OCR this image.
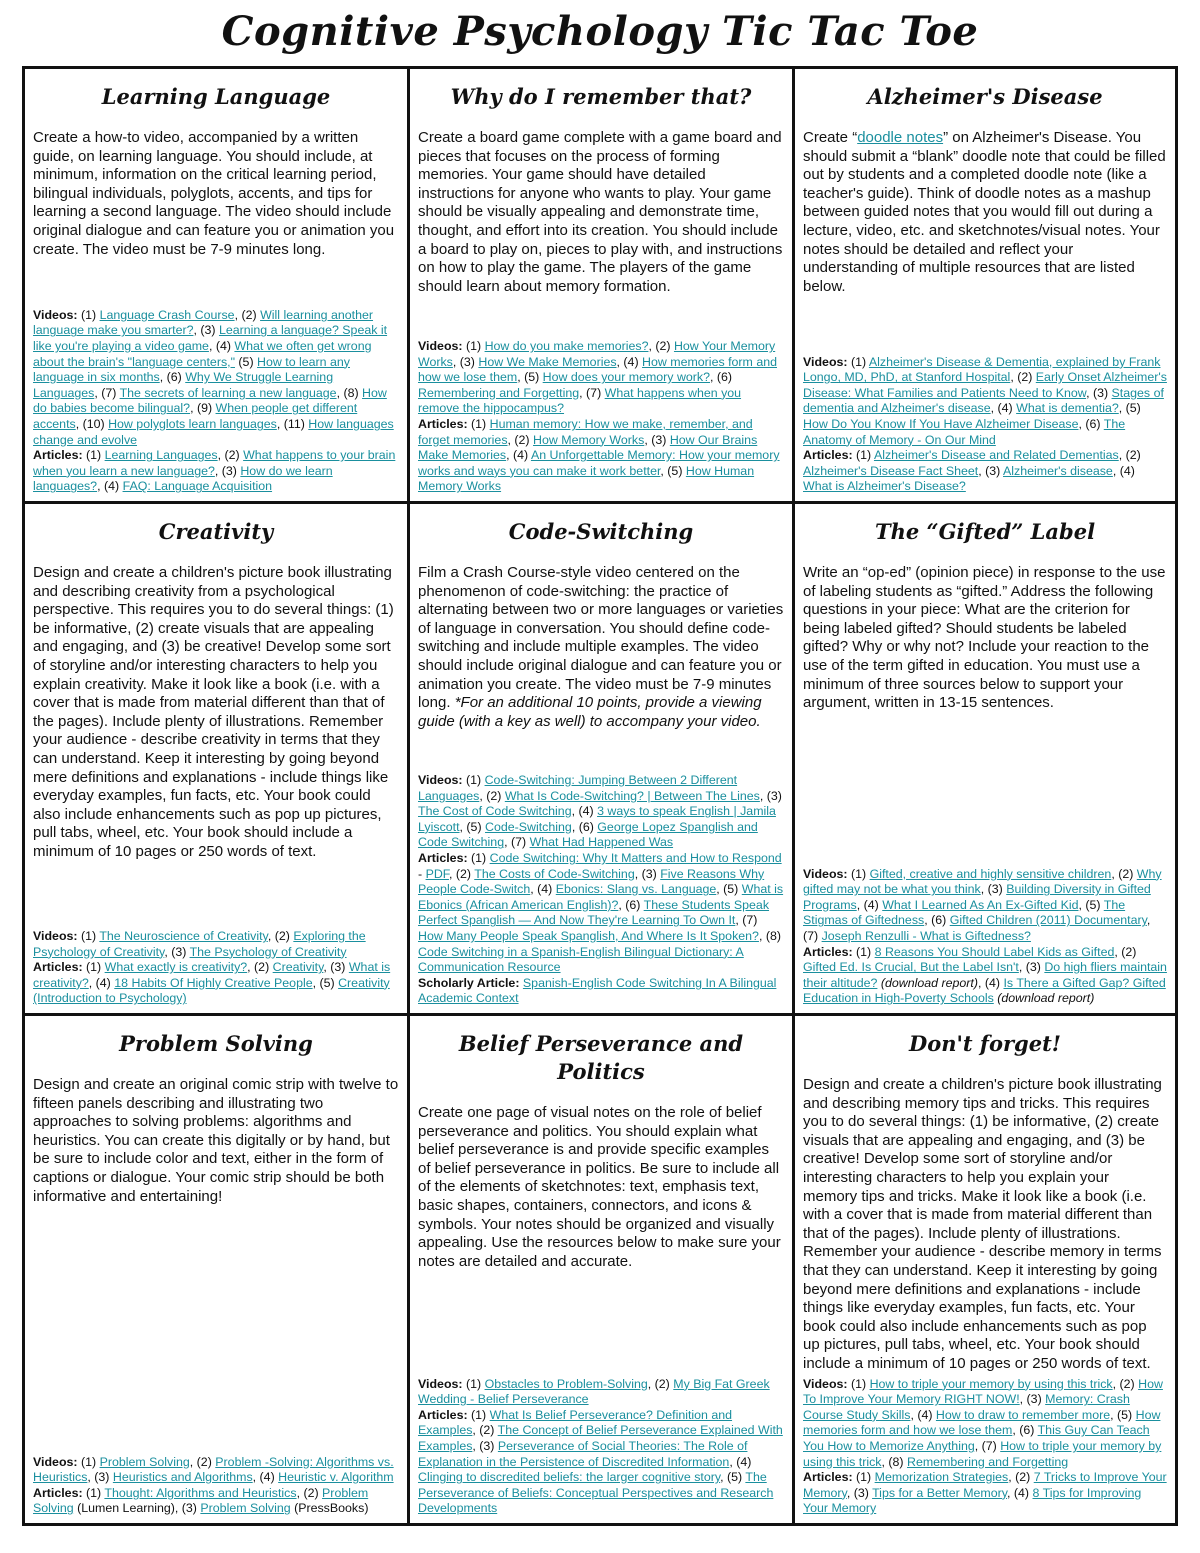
Cognitive Psychology Tic Tac Toe
Learning Language

Create a how-to video, accompanied by a written guide, on learning language. You should include, at minimum, information on the critical learning period, bilingual individuals, polyglots, accents, and tips for learning a second language. The video should include original dialogue and can feature you or animation you create. The video must be 7-9 minutes long.

Videos: (1) Language Crash Course, (2) Will learning another language make you smarter?, (3) Learning a language? Speak it like you're playing a video game, (4) What we often get wrong about the brain's "language centers," (5) How to learn any language in six months, (6) Why We Struggle Learning Languages, (7) The secrets of learning a new language, (8) How do babies become bilingual?, (9) When people get different accents, (10) How polyglots learn languages, (11) How languages change and evolve

Articles: (1) Learning Languages, (2) What happens to your brain when you learn a new language?, (3) How do we learn languages?, (4) FAQ: Language Acquisition

Why do I remember that?

Create a board game complete with a game board and pieces that focuses on the process of forming memories. Your game should have detailed instructions for anyone who wants to play. Your game should be visually appealing and demonstrate time, thought, and effort into its creation. You should include a board to play on, pieces to play with, and instructions on how to play the game. The players of the game should learn about memory formation.

Videos: (1) How do you make memories?, (2) How Your Memory Works, (3) How We Make Memories, (4) How memories form and how we lose them, (5) How does your memory work?, (6) Remembering and Forgetting, (7) What happens when you remove the hippocampus?

Articles: (1) Human memory: How we make, remember, and forget memories, (2) How Memory Works, (3) How Our Brains Make Memories, (4) An Unforgettable Memory: How your memory works and ways you can make it work better, (5) How Human Memory Works

Alzheimer's Disease

Create “doodle notes” on Alzheimer's Disease. You should submit a “blank” doodle note that could be filled out by students and a completed doodle note (like a teacher's guide). Think of doodle notes as a mashup between guided notes that you would fill out during a lecture, video, etc. and sketchnotes/visual notes. Your notes should be detailed and reflect your understanding of multiple resources that are listed below.

Videos: (1) Alzheimer's Disease & Dementia, explained by Frank Longo, MD, PhD, at Stanford Hospital, (2) Early Onset Alzheimer's Disease: What Families and Patients Need to Know, (3) Stages of dementia and Alzheimer's disease, (4) What is dementia?, (5) How Do You Know If You Have Alzheimer Disease, (6) The Anatomy of Memory - On Our Mind

Articles: (1) Alzheimer's Disease and Related Dementias, (2) Alzheimer's Disease Fact Sheet, (3) Alzheimer's disease, (4) What is Alzheimer's Disease?

Creativity

Design and create a children's picture book illustrating and describing creativity from a psychological perspective. This requires you to do several things: (1) be informative, (2) create visuals that are appealing and engaging, and (3) be creative! Develop some sort of storyline and/or interesting characters to help you explain creativity. Make it look like a book (i.e. with a cover that is made from material different than that of the pages). Include plenty of illustrations. Remember your audience - describe creativity in terms that they can understand. Keep it interesting by going beyond mere definitions and explanations - include things like everyday examples, fun facts, etc. Your book could also include enhancements such as pop up pictures, pull tabs, wheel, etc. Your book should include a minimum of 10 pages or 250 words of text.

Videos: (1) The Neuroscience of Creativity, (2) Exploring the Psychology of Creativity, (3) The Psychology of Creativity

Articles: (1) What exactly is creativity?, (2) Creativity, (3) What is creativity?, (4) 18 Habits Of Highly Creative People, (5) Creativity (Introduction to Psychology)

Code-Switching

Film a Crash Course-style video centered on the phenomenon of code-switching: the practice of alternating between two or more languages or varieties of language in conversation. You should define code-switching and include multiple examples. The video should include original dialogue and can feature you or animation you create. The video must be 7-9 minutes long. *For an additional 10 points, provide a viewing guide (with a key as well) to accompany your video.

Videos: (1) Code-Switching: Jumping Between 2 Different Languages, (2) What Is Code-Switching? | Between The Lines, (3) The Cost of Code Switching, (4) 3 ways to speak English | Jamila Lyiscott, (5) Code-Switching, (6) George Lopez Spanglish and Code Switching, (7) What Had Happened Was

Articles: (1) Code Switching: Why It Matters and How to Respond - PDF, (2) The Costs of Code-Switching, (3) Five Reasons Why People Code-Switch, (4) Ebonics: Slang vs. Language, (5) What is Ebonics (African American English)?, (6) These Students Speak Perfect Spanglish — And Now They're Learning To Own It, (7) How Many People Speak Spanglish, And Where Is It Spoken?, (8) Code Switching in a Spanish-English Bilingual Dictionary: A Communication Resource

Scholarly Article: Spanish-English Code Switching In A Bilingual Academic Context

The “Gifted” Label

Write an “op-ed” (opinion piece) in response to the use of labeling students as “gifted.” Address the following questions in your piece: What are the criterion for being labeled gifted? Should students be labeled gifted? Why or why not? Include your reaction to the use of the term gifted in education. You must use a minimum of three sources below to support your argument, written in 13-15 sentences.

Videos: (1) Gifted, creative and highly sensitive children, (2) Why gifted may not be what you think, (3) Building Diversity in Gifted Programs, (4) What I Learned As An Ex-Gifted Kid, (5) The Stigmas of Giftedness, (6) Gifted Children (2011) Documentary, (7) Joseph Renzulli - What is Giftedness?

Articles: (1) 8 Reasons You Should Label Kids as Gifted, (2) Gifted Ed. Is Crucial, But the Label Isn't, (3) Do high fliers maintain their altitude? (download report), (4) Is There a Gifted Gap? Gifted Education in High-Poverty Schools (download report)

Problem Solving

Design and create an original comic strip with twelve to fifteen panels describing and illustrating two approaches to solving problems: algorithms and heuristics. You can create this digitally or by hand, but be sure to include color and text, either in the form of captions or dialogue. Your comic strip should be both informative and entertaining!

Videos: (1) Problem Solving, (2) Problem -Solving: Algorithms vs. Heuristics, (3) Heuristics and Algorithms, (4) Heuristic v. Algorithm

Articles: (1) Thought: Algorithms and Heuristics, (2) Problem Solving (Lumen Learning), (3) Problem Solving (PressBooks)

Belief Perseverance and Politics

Create one page of visual notes on the role of belief perseverance and politics. You should explain what belief perseverance is and provide specific examples of belief perseverance in politics. Be sure to include all of the elements of sketchnotes: text, emphasis text, basic shapes, containers, connectors, and icons & symbols. Your notes should be organized and visually appealing. Use the resources below to make sure your notes are detailed and accurate.

Videos: (1) Obstacles to Problem-Solving, (2) My Big Fat Greek Wedding - Belief Perseverance

Articles: (1) What Is Belief Perseverance? Definition and Examples, (2) The Concept of Belief Perseverance Explained With Examples, (3) Perseverance of Social Theories: The Role of Explanation in the Persistence of Discredited Information, (4) Clinging to discredited beliefs: the larger cognitive story, (5) The Perseverance of Beliefs: Conceptual Perspectives and Research Developments

Don't forget!

Design and create a children's picture book illustrating and describing memory tips and tricks. This requires you to do several things: (1) be informative, (2) create visuals that are appealing and engaging, and (3) be creative! Develop some sort of storyline and/or interesting characters to help you explain your memory tips and tricks. Make it look like a book (i.e. with a cover that is made from material different than that of the pages). Include plenty of illustrations. Remember your audience - describe memory in terms that they can understand. Keep it interesting by going beyond mere definitions and explanations - include things like everyday examples, fun facts, etc. Your book could also include enhancements such as pop up pictures, pull tabs, wheel, etc. Your book should include a minimum of 10 pages or 250 words of text.

Videos: (1) How to triple your memory by using this trick, (2) How To Improve Your Memory RIGHT NOW!, (3) Memory: Crash Course Study Skills, (4) How to draw to remember more, (5) How memories form and how we lose them, (6) This Guy Can Teach You How to Memorize Anything, (7) How to triple your memory by using this trick, (8) Remembering and Forgetting

Articles: (1) Memorization Strategies, (2) 7 Tricks to Improve Your Memory, (3) Tips for a Better Memory, (4) 8 Tips for Improving Your Memory
